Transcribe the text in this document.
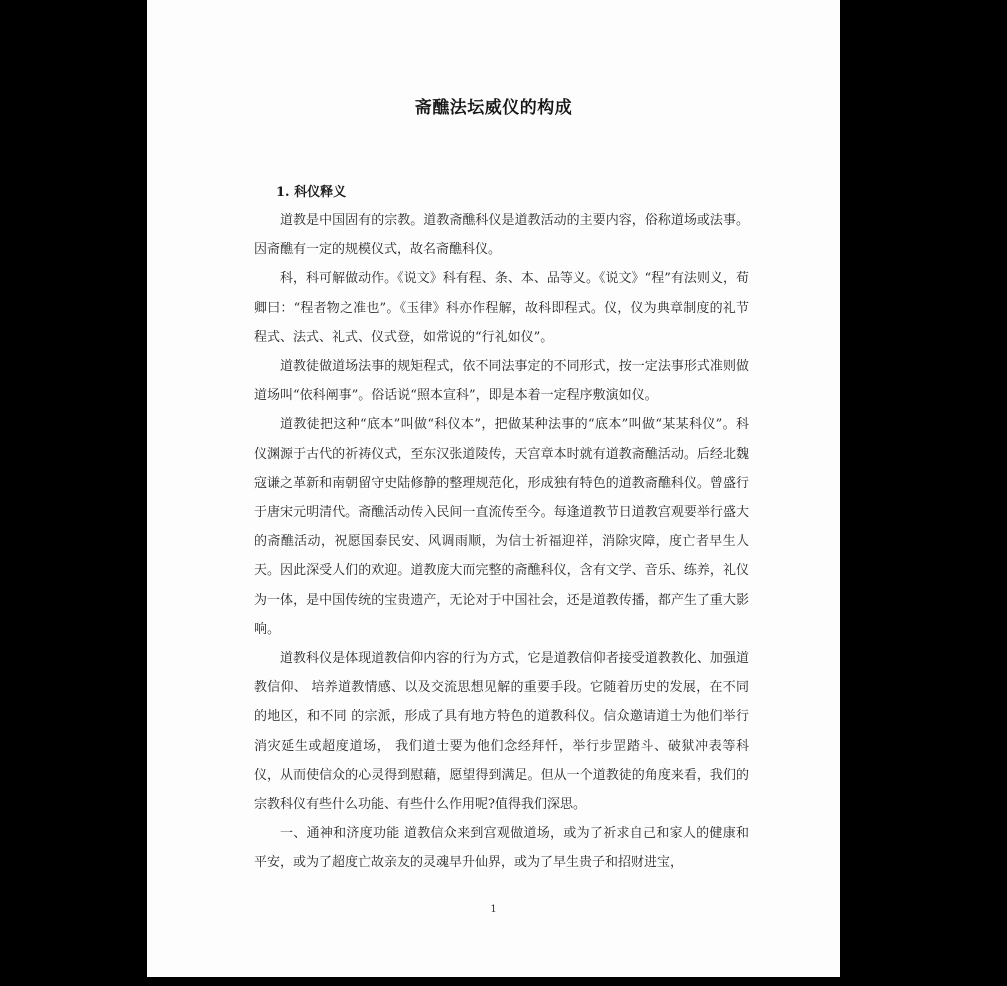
斋醮法坛威仪的构成
1. 科仪释义

道教是中国固有的宗教。道教斋醮科仪是道教活动的主要内容，俗称道场或法事。因斋醮有一定的规模仪式，故名斋醮科仪。

科，科可解做动作。《说文》科有程、条、本、品等义。《说文》“程”有法则义，荀卿曰：“程者物之准也”。《玉律》科亦作程解，故科即程式。仪，仪为典章制度的礼节程式、法式、礼式、仪式登，如常说的“行礼如仪”。

道教徒做道场法事的规矩程式，依不同法事定的不同形式，按一定法事形式准则做道场叫“依科阐事”。俗话说“照本宣科”，即是本着一定程序敷演如仪。

道教徒把这种“底本”叫做“科仪本”，把做某种法事的“底本”叫做“某某科仪”。科仪渊源于古代的祈祷仪式，至东汉张道陵传，天宫章本时就有道教斋醮活动。后经北魏寇谦之革新和南朝留守史陆修静的整理规范化，形成独有特色的道教斋醮科仪。曾盛行于唐宋元明清代。斋醮活动传入民间一直流传至今。每逢道教节日道教宫观要举行盛大的斋醮活动，祝愿国泰民安、风调雨顺，为信士祈福迎祥，消除灾障，度亡者早生人天。因此深受人们的欢迎。道教庞大而完整的斋醮科仪，含有文学、音乐、练养，礼仪为一体，是中国传统的宝贵遗产，无论对于中国社会，还是道教传播，都产生了重大影响。

道教科仪是体现道教信仰内容的行为方式，它是道教信仰者接受道教教化、加强道教信仰、 培养道教情感、以及交流思想见解的重要手段。它随着历史的发展，在不同的地区，和不同 的宗派，形成了具有地方特色的道教科仪。信众邀请道士为他们举行消灾延生或超度道场， 我们道士要为他们念经拜忏，举行步罡踏斗、破狱冲表等科仪，从而使信众的心灵得到慰藉，愿望得到满足。但从一个道教徒的角度来看，我们的宗教科仪有些什么功能、有些什么作用呢?值得我们深思。

一、通神和济度功能 道教信众来到宫观做道场，或为了祈求自己和家人的健康和平安，或为了超度亡故亲友的灵魂早升仙界，或为了早生贵子和招财进宝，

1
